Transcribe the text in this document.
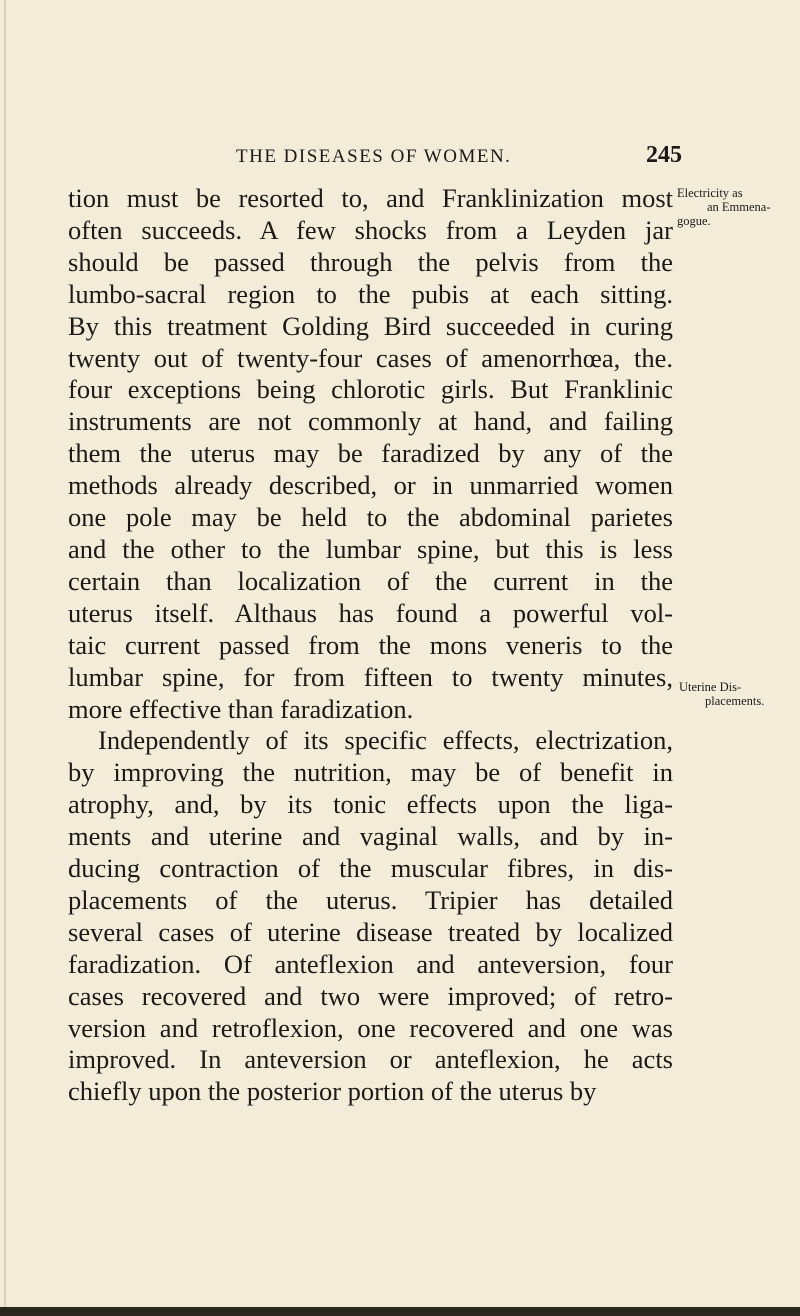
THE DISEASES OF WOMEN.	245
tion must be resorted to, and Franklinization most
often succeeds. A few shocks from a Leyden jar
should be passed through the pelvis from the
lumbo-sacral region to the pubis at each sitting.
By this treatment Golding Bird succeeded in curing
twenty out of twenty-four cases of amenorrhœa, the.
four exceptions being chlorotic girls. But Franklinic
instruments are not commonly at hand, and failing
them the uterus may be faradized by any of the
methods already described, or in unmarried women
one pole may be held to the abdominal parietes
and the other to the lumbar spine, but this is less
certain than localization of the current in the
uterus itself. Althaus has found a powerful vol-
taic current passed from the mons veneris to the
lumbar spine, for from fifteen to twenty minutes,
more effective than faradization.
Independently of its specific effects, electrization,
by improving the nutrition, may be of benefit in
atrophy, and, by its tonic effects upon the liga-
ments and uterine and vaginal walls, and by in-
ducing contraction of the muscular fibres, in dis-
placements of the uterus. Tripier has detailed
several cases of uterine disease treated by localized
faradization. Of anteflexion and anteversion, four
cases recovered and two were improved; of retro-
version and retroflexion, one recovered and one was
improved. In anteversion or anteflexion, he acts
chiefly upon the posterior portion of the uterus by
Electricity as
an Emmena-
gogue.
Uterine Dis-
placements.
